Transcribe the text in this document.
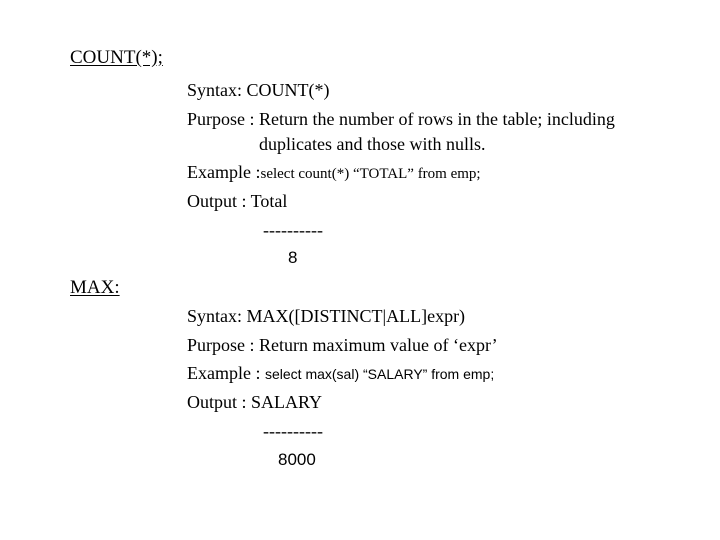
COUNT(*);
Syntax: COUNT(*)
Purpose : Return the number of rows in the table; including
duplicates and those with nulls.
Example :select count(*) “TOTAL” from emp;
Output : Total
----------
8
MAX:
Syntax: MAX([DISTINCT|ALL]expr)
Purpose : Return maximum value of ‘expr’
Example : select max(sal) “SALARY” from emp;
Output : SALARY
----------
8000
